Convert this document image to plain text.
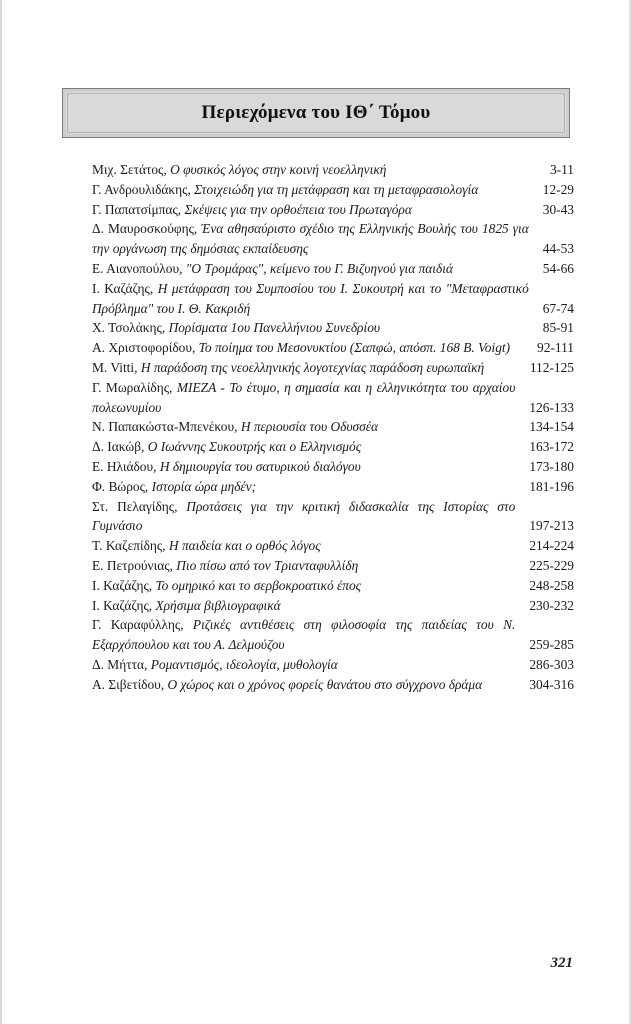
Περιεχόμενα του ΙΘ΄ Τόμου
Μιχ. Σετάτος, Ο φυσικός λόγος στην κοινή νεοελληνική	3-11
Γ. Ανδρουλιδάκης, Στοιχειώδη για τη μετάφραση και τη μεταφρασιολογία	12-29
Γ. Παπατσίμπας, Σκέψεις για την ορθοέπεια του Πρωταγόρα	30-43
Δ. Μαυροσκούφης, Ένα αθησαύριστο σχέδιο της Ελληνικής Βουλής του 1825 για την οργάνωση της δημόσιας εκπαίδευσης	44-53
Ε. Αιανοπούλου, "Ο Τρομάρας", κείμενο του Γ. Βιζυηνού για παιδιά	54-66
Ι. Καζάζης, Η μετάφραση του Συμποσίου του Ι. Συκουτρή και το "Μεταφραστικό Πρόβλημα" του Ι. Θ. Κακριδή	67-74
Χ. Τσολάκης, Πορίσματα 1ου Πανελλήνιου Συνεδρίου	85-91
Α. Χριστοφορίδου, Το ποίημα του Μεσονυκτίου (Σαπφώ, απόσπ. 168 Β. Voigt)	92-111
M. Vitti, Η παράδοση της νεοελληνικής λογοτεχνίας παράδοση ευρωπαϊκή	112-125
Γ. Μωραλίδης, ΜΙΕΖΑ - Το έτυμο, η σημασία και η ελληνικότητα του αρχαίου πολεωνυμίου	126-133
Ν. Παπακώστα-Μπενέκου, Η περιουσία του Οδυσσέα	134-154
Δ. Ιακώβ, Ο Ιωάννης Συκουτρής και ο Ελληνισμός	163-172
Ε. Ηλιάδου, Η δημιουργία του σατυρικού διαλόγου	173-180
Φ. Βώρος, Ιστορία ώρα μηδέν;	181-196
Στ. Πελαγίδης, Προτάσεις για την κριτική διδασκαλία της Ιστορίας στο Γυμνάσιο	197-213
Τ. Καζεπίδης, Η παιδεία και ο ορθός λόγος	214-224
Ε. Πετρούνιας, Πιο πίσω από τον Τριανταφυλλίδη	225-229
Ι. Καζάζης, Το ομηρικό και το σερβοκροατικό έπος	248-258
Ι. Καζάζης, Χρήσιμα βιβλιογραφικά	230-232
Γ. Καραφύλλης, Ριζικές αντιθέσεις στη φιλοσοφία της παιδείας του Ν. Εξαρχόπουλου και του Α. Δελμούζου	259-285
Δ. Μήττα, Ρομαντισμός, ιδεολογία, μυθολογία	286-303
Α. Σιβετίδου, Ο χώρος και ο χρόνος φορείς θανάτου στο σύγχρονο δράμα	304-316
321
